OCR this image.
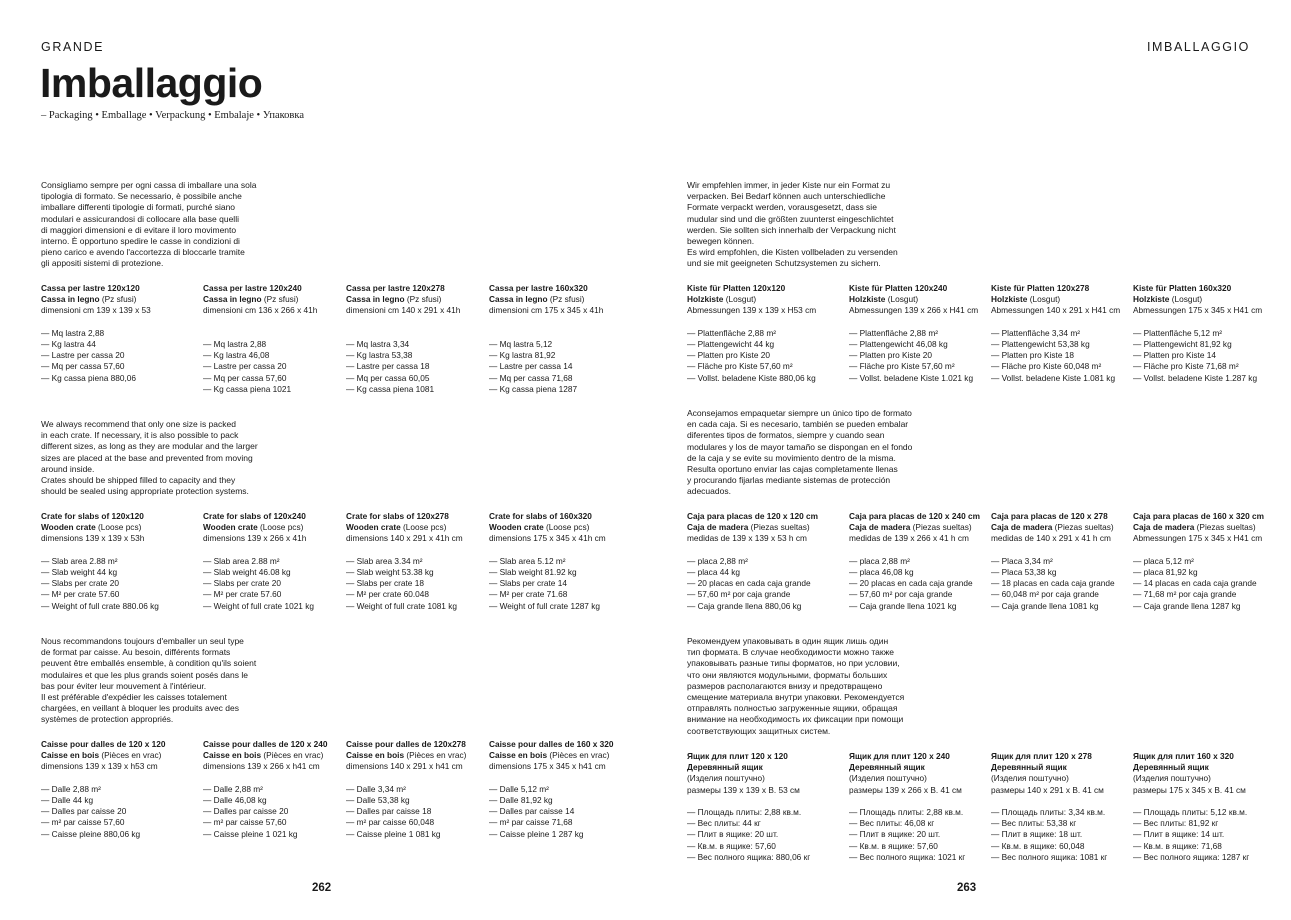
GRANDE
Imballaggio
– Packaging • Emballage • Verpackung • Embalaje • Упаковка
IMBALLAGGIO

Consigliamo sempre per ogni cassa di imballare una sola

tipologia di formato. Se necessario, è possibile anche

imballare differenti tipologie di formati, purché siano

modulari e assicurandosi di collocare alla base quelli

di maggiori dimensioni e di evitare il loro movimento

interno. È opportuno spedire le casse in condizioni di

pieno carico e avendo l'accortezza di bloccarle tramite

gli appositi sistemi di protezione.

Cassa per lastre 120x120
Cassa in legno (Pz sfusi)
dimensioni cm 139 x 139 x 53
— Mq lastra 2,88
— Kg lastra 44
— Lastre per cassa 20
— Mq per cassa 57,60
— Kg cassa piena 880,06
Cassa per lastre 120x240
Cassa in legno (Pz sfusi)
dimensioni cm 136 x 266 x 41h

— Mq lastra 2,88
— Kg lastra 46,08
— Lastre per cassa 20
— Mq per cassa 57,60
— Kg cassa piena 1021
Cassa per lastre 120x278
Cassa in legno (Pz sfusi)
dimensioni cm 140 x 291 x 41h

— Mq lastra 3,34
— Kg lastra 53,38
— Lastre per cassa 18
— Mq per cassa 60,05
— Kg cassa piena 1081
Cassa per lastre 160x320
Cassa in legno (Pz sfusi)
dimensioni cm 175 x 345 x 41h

— Mq lastra 5,12
— Kg lastra 81,92
— Lastre per cassa 14
— Mq per cassa 71,68
— Kg cassa piena 1287

We always recommend that only one size is packed

in each crate. If necessary, it is also possible to pack

different sizes, as long as they are modular and the larger

sizes are placed at the base and prevented from moving

around inside.

Crates should be shipped filled to capacity and they

should be sealed using appropriate protection systems.

Crate for slabs of 120x120
Wooden crate (Loose pcs)
dimensions 139 x 139 x 53h
— Slab area 2.88 m²
— Slab weight 44 kg
— Slabs per crate 20
— M² per crate 57.60
— Weight of full crate 880.06 kg
Crate for slabs of 120x240
Wooden crate (Loose pcs)
dimensions 139 x 266 x 41h
— Slab area 2.88 m²
— Slab weight 46.08 kg
— Slabs per crate 20
— M² per crate 57.60
— Weight of full crate 1021 kg
Crate for slabs of 120x278
Wooden crate (Loose pcs)
dimensions 140 x 291 x 41h cm
— Slab area 3.34 m²
— Slab weight 53.38 kg
— Slabs per crate 18
— M² per crate 60.048
— Weight of full crate 1081 kg
Crate for slabs of 160x320
Wooden crate (Loose pcs)
dimensions 175 x 345 x 41h cm
— Slab area 5.12 m²
— Slab weight 81.92 kg
— Slabs per crate 14
— M² per crate 71.68
— Weight of full crate 1287 kg

Nous recommandons toujours d'emballer un seul type

de format par caisse. Au besoin, différents formats

peuvent être emballés ensemble, à condition qu'ils soient

modulaires et que les plus grands soient posés dans le

bas pour éviter leur mouvement à l'intérieur.

Il est préférable d'expédier les caisses totalement

chargées, en veillant à bloquer les produits avec des

systèmes de protection appropriés.

Caisse pour dalles de 120 x 120
Caisse en bois (Pièces en vrac)
dimensions 139 x 139 x h53 cm
— Dalle 2,88 m²
— Dalle 44 kg
— Dalles par caisse 20
— m² par caisse 57,60
— Caisse pleine 880,06 kg
Caisse pour dalles de 120 x 240
Caisse en bois (Pièces en vrac)
dimensions 139 x 266 x h41 cm
— Dalle 2,88 m²
— Dalle 46,08 kg
— Dalles par caisse 20
— m² par caisse 57,60
— Caisse pleine 1 021 kg
Caisse pour dalles de 120x278
Caisse en bois (Pièces en vrac)
dimensions 140 x 291 x h41 cm
— Dalle 3,34 m²
— Dalle 53,38 kg
— Dalles par caisse 18
— m² par caisse 60,048
— Caisse pleine 1 081 kg
Caisse pour dalles de 160 x 320
Caisse en bois (Pièces en vrac)
dimensions 175 x 345 x h41 cm
— Dalle 5,12 m²
— Dalle 81,92 kg
— Dalles par caisse 14
— m² par caisse 71,68
— Caisse pleine 1 287 kg

Wir empfehlen immer, in jeder Kiste nur ein Format zu

verpacken. Bei Bedarf können auch unterschiedliche

Formate verpackt werden, vorausgesetzt, dass sie

mudular sind und die größten zuunterst eingeschlichtet

werden. Sie sollten sich innerhalb der Verpackung nicht

bewegen können.

Es wird empfohlen, die Kisten vollbeladen zu versenden

und sie mit geeigneten Schutzsystemen zu sichern.

Kiste für Platten 120x120
Holzkiste (Losgut)
Abmessungen 139 x 139 x H53 cm
— Plattenfläche 2,88 m²
— Plattengewicht 44 kg
— Platten pro Kiste 20
— Fläche pro Kiste 57,60 m²
— Vollst. beladene Kiste 880,06 kg
Kiste für Platten 120x240
Holzkiste (Losgut)
Abmessungen 139 x 266 x H41 cm
— Plattenfläche 2,88 m²
— Plattengewicht 46,08 kg
— Platten pro Kiste 20
— Fläche pro Kiste 57,60 m²
— Vollst. beladene Kiste 1.021 kg
Kiste für Platten 120x278
Holzkiste (Losgut)
Abmessungen 140 x 291 x H41 cm
— Plattenfläche 3,34 m²
— Plattengewicht 53,38 kg
— Platten pro Kiste 18
— Fläche pro Kiste 60,048 m²
— Vollst. beladene Kiste 1.081 kg
Kiste für Platten 160x320
Holzkiste (Losgut)
Abmessungen 175 x 345 x H41 cm
— Plattenfläche 5,12 m²
— Plattengewicht 81,92 kg
— Platten pro Kiste 14
— Fläche pro Kiste 71,68 m²
— Vollst. beladene Kiste 1.287 kg

Aconsejamos empaquetar siempre un único tipo de formato

en cada caja. Si es necesario, también se pueden embalar

diferentes tipos de formatos, siempre y cuando sean

modulares y los de mayor tamaño se dispongan en el fondo

de la caja y se evite su movimiento dentro de la misma.

Resulta oportuno enviar las cajas completamente llenas

y procurando fijarlas mediante sistemas de protección

adecuados.

Caja para placas de 120 x 120 cm
Caja de madera (Piezas sueltas)
medidas de 139 x 139 x 53 h cm
— placa 2,88 m²
— placa 44 kg
— 20 placas en cada caja grande
— 57,60 m² por caja grande
— Caja grande llena 880,06 kg
Caja para placas de 120 x 240 cm
Caja de madera (Piezas sueltas)
medidas de 139 x 266 x 41 h cm
— placa 2,88 m²
— placa 46,08 kg
— 20 placas en cada caja grande
— 57,60 m² por caja grande
— Caja grande llena 1021 kg
Caja para placas de 120 x 278
Caja de madera (Piezas sueltas)
medidas de 140 x 291 x 41 h cm
— Placa 3,34 m²
— Placa 53,38 kg
— 18 placas en cada caja grande
— 60,048 m² por caja grande
— Caja grande llena 1081 kg
Caja para placas de 160 x 320 cm
Caja de madera (Piezas sueltas)
Abmessungen 175 x 345 x H41 cm
— placa 5,12 m²
— placa 81,92 kg
— 14 placas en cada caja grande
— 71,68 m² por caja grande
— Caja grande llena 1287 kg

Рекомендуем упаковывать в один ящик лишь один

тип формата. В случае необходимости можно также

упаковывать разные типы форматов, но при условии,

что они являются модульными, форматы больших

размеров располагаются внизу и предотвращено

смещение материала внутри упаковки. Рекомендуется

отправлять полностью загруженные ящики, обращая

внимание на необходимость их фиксации при помощи

соответствующих защитных систем.

Ящик для плит 120 x 120
Деревянный ящик
(Изделия поштучно)
размеры 139 x 139 x В. 53 см
— Площадь плиты: 2,88 кв.м.
— Вес плиты: 44 кг
— Плит в ящике: 20 шт.
— Кв.м. в ящике: 57,60
— Вес полного ящика: 880,06 кг
Ящик для плит 120 x 240
Деревянный ящик
(Изделия поштучно)
размеры 139 x 266 x В. 41 см
— Площадь плиты: 2,88 кв.м.
— Вес плиты: 46,08 кг
— Плит в ящике: 20 шт.
— Кв.м. в ящике: 57,60
— Вес полного ящика: 1021 кг
Ящик для плит 120 x 278
Деревянный ящик
(Изделия поштучно)
размеры 140 x 291 x В. 41 см
— Площадь плиты: 3,34 кв.м.
— Вес плиты: 53,38 кг
— Плит в ящике: 18 шт.
— Кв.м. в ящике: 60,048
— Вес полного ящика: 1081 кг
Ящик для плит 160 x 320
Деревянный ящик
(Изделия поштучно)
размеры 175 x 345 x В. 41 см
— Площадь плиты: 5,12 кв.м.
— Вес плиты: 81,92 кг
— Плит в ящике: 14 шт.
— Кв.м. в ящике: 71,68
— Вес полного ящика: 1287 кг
262	263
